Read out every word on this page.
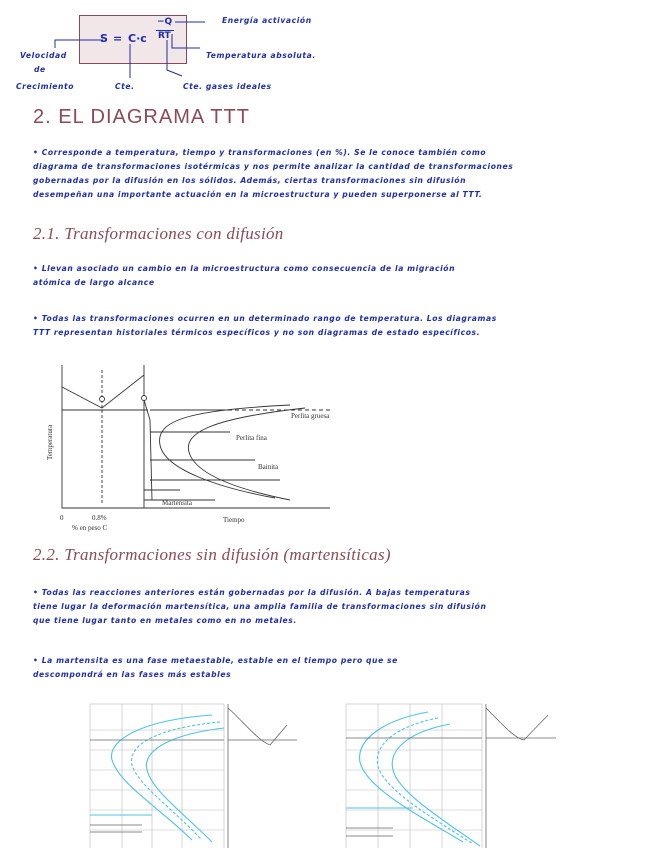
S = C·c
−Q
RT
Energía activación
Temperatura absoluta.
Velocidad
de
Crecimiento	Cte.	Cte. gases ideales
2. EL DIAGRAMA TTT
• Corresponde a temperatura, tiempo y transformaciones (en %). Se le conoce también como
diagrama de transformaciones isotérmicas y nos permite analizar la cantidad de transformaciones
gobernadas por la difusión en los sólidos. Además, ciertas transformaciones sin difusión
desempeñan una importante actuación en la microestructura y pueden superponerse al TTT.
2.1. Transformaciones con difusión
• Llevan asociado un cambio en la microestructura como consecuencia de la migración
atómica de largo alcance
• Todas las transformaciones ocurren en un determinado rango de temperatura. Los diagramas
TTT representan historiales térmicos específicos y no son diagramas de estado específicos.
Temperatura
0	0.8%
% en peso C
Tiempo
Perlita gruesa
Perlita fina
Bainita
Martensita
2.2. Transformaciones sin difusión (martensíticas)
• Todas las reacciones anteriores están gobernadas por la difusión. A bajas temperaturas
tiene lugar la deformación martensítica, una amplia familia de transformaciones sin difusión
que tiene lugar tanto en metales como en no metales.
• La martensita es una fase metaestable, estable en el tiempo pero que se
descompondrá en las fases más estables
